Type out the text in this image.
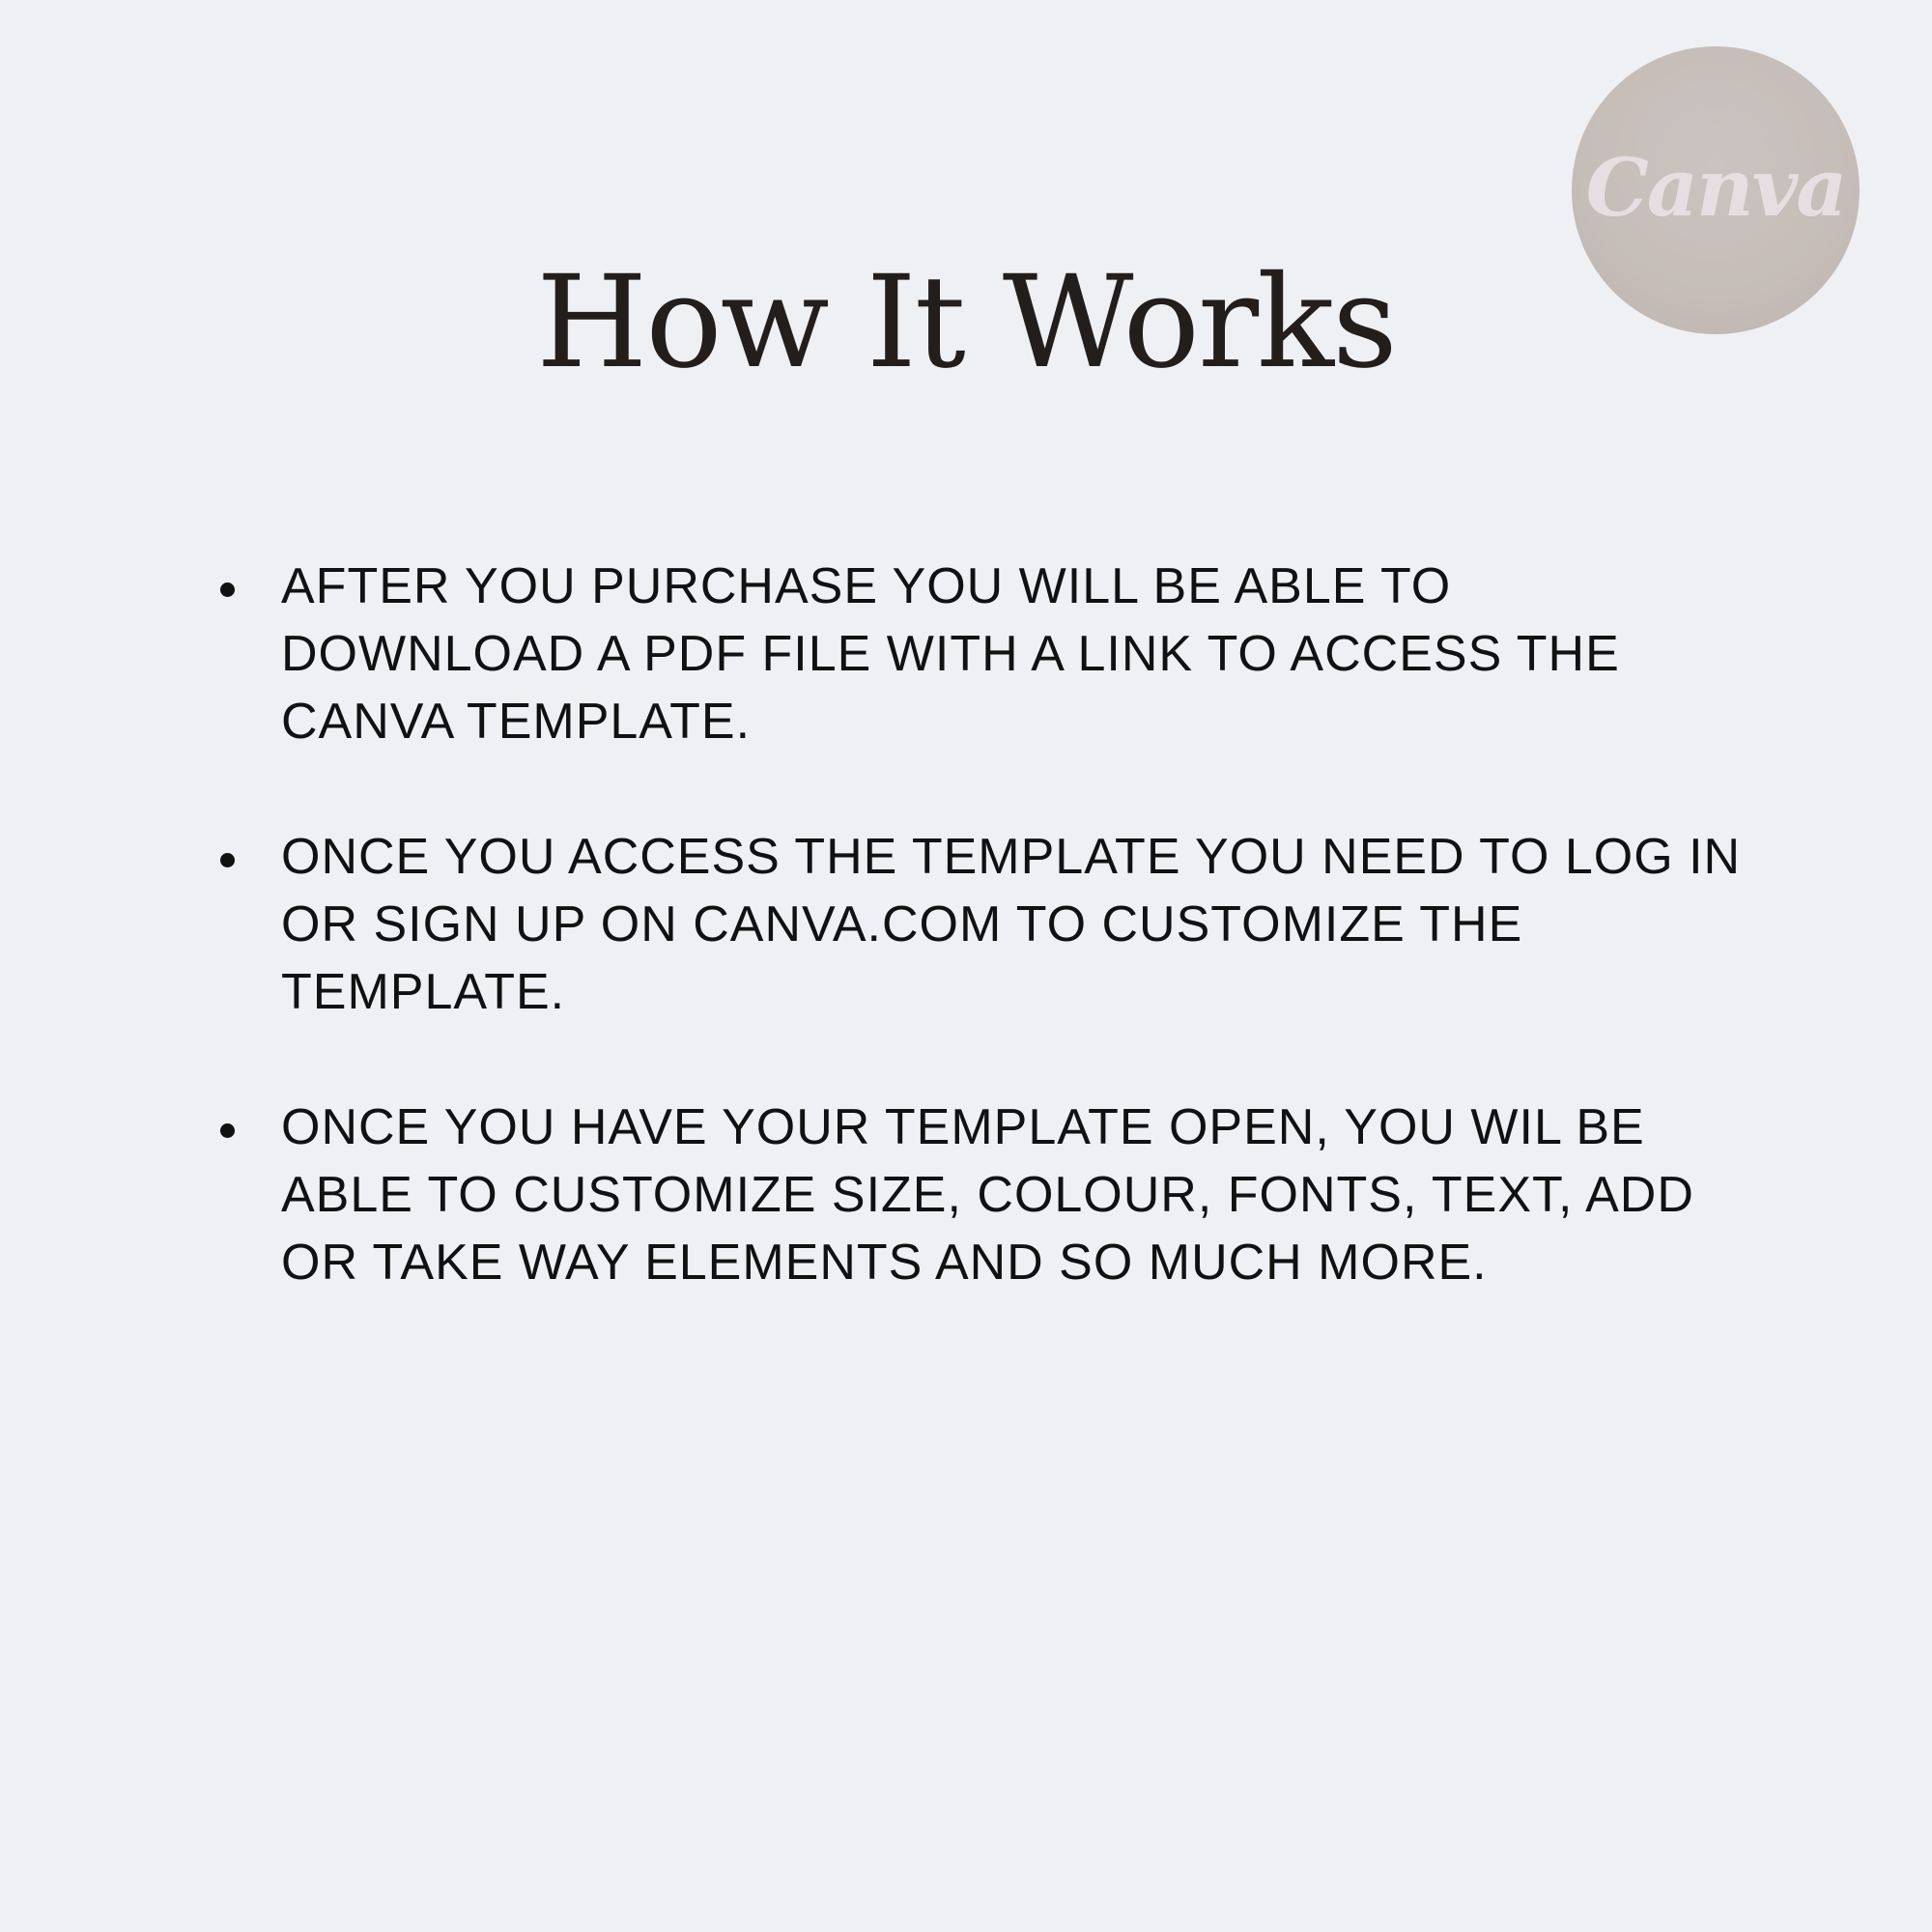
Canva
How It Works
AFTER YOU PURCHASE YOU WILL BE ABLE TO DOWNLOAD A PDF FILE WITH A LINK TO ACCESS THE CANVA TEMPLATE.
ONCE YOU ACCESS THE TEMPLATE YOU NEED TO LOG IN OR SIGN UP ON CANVA.COM TO CUSTOMIZE THE TEMPLATE.
ONCE YOU HAVE YOUR TEMPLATE OPEN, YOU WIL BE ABLE TO CUSTOMIZE SIZE, COLOUR, FONTS, TEXT, ADD OR TAKE WAY ELEMENTS AND SO MUCH MORE.
